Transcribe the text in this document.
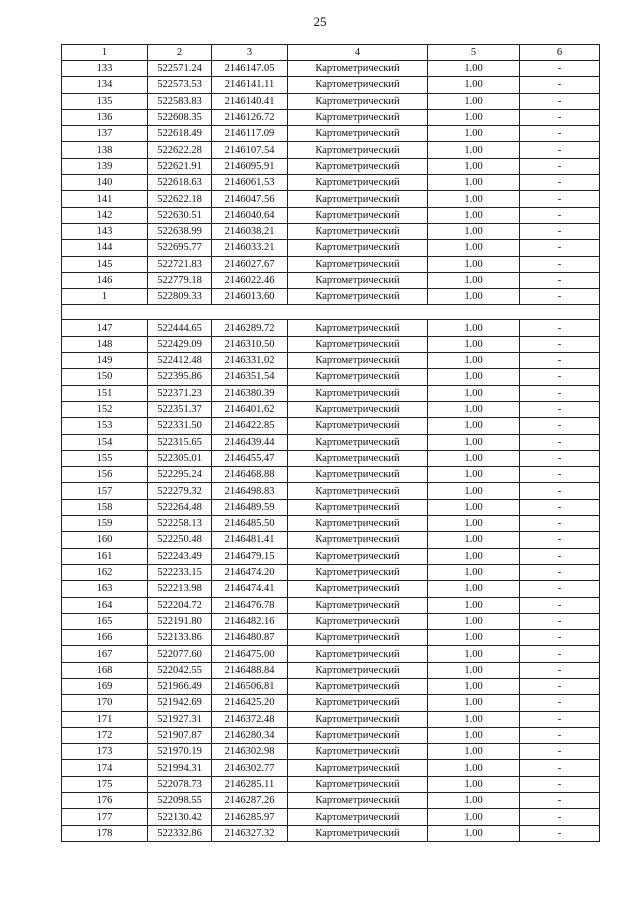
25
1	2	3	4	5	6
133	522571.24	2146147.05	Картометрический	1.00	-
134	522573.53	2146141.11	Картометрический	1.00	-
135	522583.83	2146140.41	Картометрический	1.00	-
136	522608.35	2146126.72	Картометрический	1.00	-
137	522618.49	2146117.09	Картометрический	1.00	-
138	522622.28	2146107.54	Картометрический	1.00	-
139	522621.91	2146095.91	Картометрический	1.00	-
140	522618.63	2146061.53	Картометрический	1.00	-
141	522622.18	2146047.56	Картометрический	1.00	-
142	522630.51	2146040.64	Картометрический	1.00	-
143	522638.99	2146038.21	Картометрический	1.00	-
144	522695.77	2146033.21	Картометрический	1.00	-
145	522721.83	2146027.67	Картометрический	1.00	-
146	522779.18	2146022.46	Картометрический	1.00	-
1	522809.33	2146013.60	Картометрический	1.00	-

147	522444.65	2146289.72	Картометрический	1.00	-
148	522429.09	2146310.50	Картометрический	1.00	-
149	522412.48	2146331.02	Картометрический	1.00	-
150	522395.86	2146351.54	Картометрический	1.00	-
151	522371.23	2146380.39	Картометрический	1.00	-
152	522351.37	2146401.62	Картометрический	1.00	-
153	522331.50	2146422.85	Картометрический	1.00	-
154	522315.65	2146439.44	Картометрический	1.00	-
155	522305.01	2146455.47	Картометрический	1.00	-
156	522295.24	2146468.88	Картометрический	1.00	-
157	522279.32	2146498.83	Картометрический	1.00	-
158	522264.48	2146489.59	Картометрический	1.00	-
159	522258.13	2146485.50	Картометрический	1.00	-
160	522250.48	2146481.41	Картометрический	1.00	-
161	522243.49	2146479.15	Картометрический	1.00	-
162	522233.15	2146474.20	Картометрический	1.00	-
163	522213.98	2146474.41	Картометрический	1.00	-
164	522204.72	2146476.78	Картометрический	1.00	-
165	522191.80	2146482.16	Картометрический	1.00	-
166	522133.86	2146480.87	Картометрический	1.00	-
167	522077.60	2146475.00	Картометрический	1.00	-
168	522042.55	2146488.84	Картометрический	1.00	-
169	521966.49	2146506.81	Картометрический	1.00	-
170	521942.69	2146425.20	Картометрический	1.00	-
171	521927.31	2146372.48	Картометрический	1.00	-
172	521907.87	2146280.34	Картометрический	1.00	-
173	521970.19	2146302.98	Картометрический	1.00	-
174	521994.31	2146302.77	Картометрический	1.00	-
175	522078.73	2146285.11	Картометрический	1.00	-
176	522098.55	2146287.26	Картометрический	1.00	-
177	522130.42	2146285.97	Картометрический	1.00	-
178	522332.86	2146327.32	Картометрический	1.00	-
